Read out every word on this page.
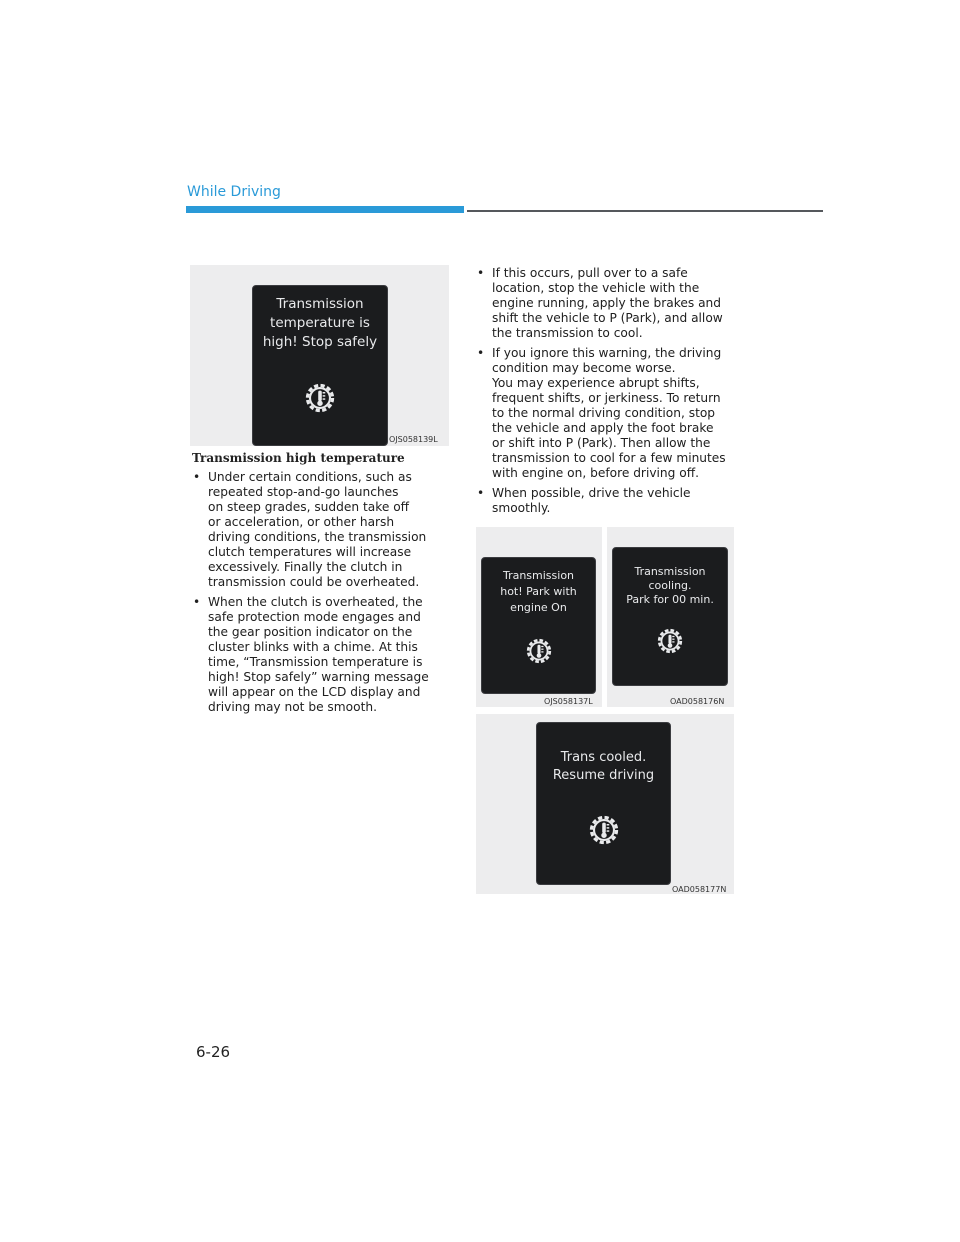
While Driving
Transmission
temperature is
high! Stop safely
OJS058139L
Transmission high temperature
• Under certain conditions, such as
repeated stop-and-go launches
on steep grades, sudden take off
or acceleration, or other harsh
driving conditions, the transmission
clutch temperatures will increase
excessively. Finally the clutch in
transmission could be overheated.
• When the clutch is overheated, the
safe protection mode engages and
the gear position indicator on the
cluster blinks with a chime. At this
time, “Transmission temperature is
high! Stop safely” warning message
will appear on the LCD display and
driving may not be smooth.
• If this occurs, pull over to a safe
location, stop the vehicle with the
engine running, apply the brakes and
shift the vehicle to P (Park), and allow
the transmission to cool.
• If you ignore this warning, the driving
condition may become worse.
You may experience abrupt shifts,
frequent shifts, or jerkiness. To return
to the normal driving condition, stop
the vehicle and apply the foot brake
or shift into P (Park). Then allow the
transmission to cool for a few minutes
with engine on, before driving off.
• When possible, drive the vehicle
smoothly.
Transmission
hot! Park with
engine On
OJS058137L
Transmission
cooling.
Park for 00 min.
OAD058176N
Trans cooled.
Resume driving
OAD058177N
6-26
